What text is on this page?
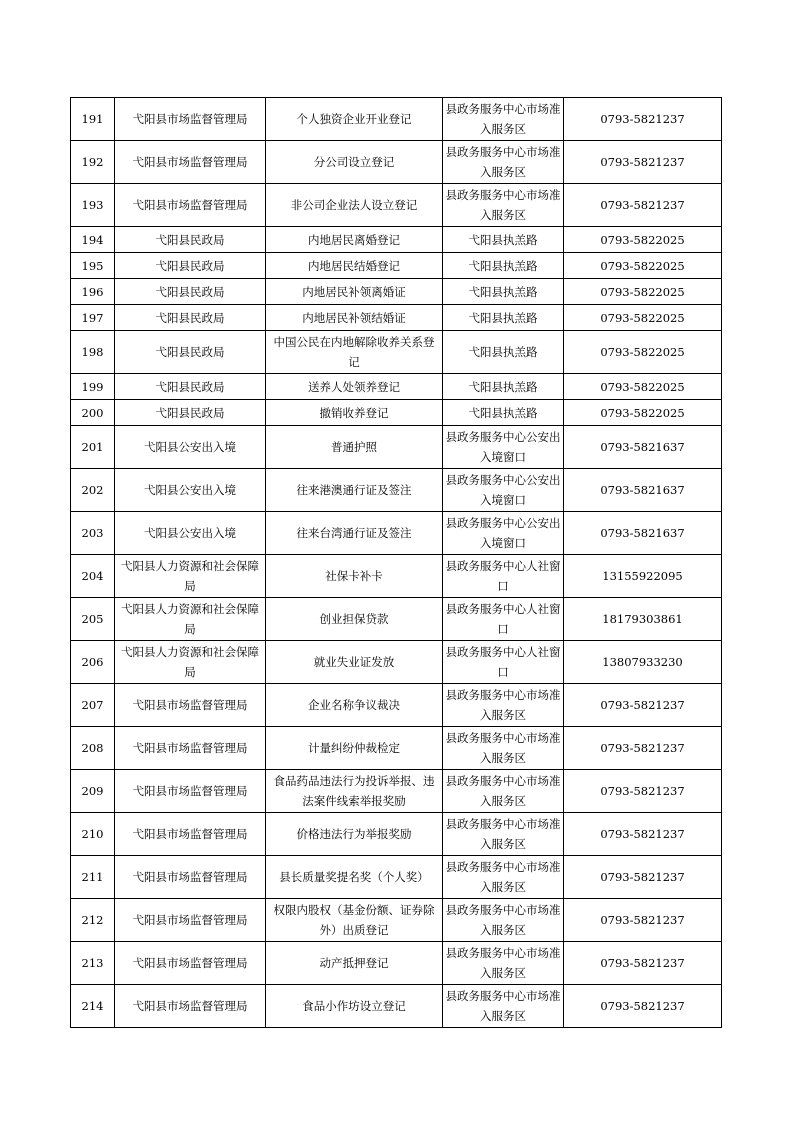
191	弋阳县市场监督管理局	个人独资企业开业登记	县政务服务中心市场准入服务区	0793-5821237
192	弋阳县市场监督管理局	分公司设立登记	县政务服务中心市场准入服务区	0793-5821237
193	弋阳县市场监督管理局	非公司企业法人设立登记	县政务服务中心市场准入服务区	0793-5821237
194	弋阳县民政局	内地居民离婚登记	弋阳县执羔路	0793-5822025
195	弋阳县民政局	内地居民结婚登记	弋阳县执羔路	0793-5822025
196	弋阳县民政局	内地居民补领离婚证	弋阳县执羔路	0793-5822025
197	弋阳县民政局	内地居民补领结婚证	弋阳县执羔路	0793-5822025
198	弋阳县民政局	中国公民在内地解除收养关系登记	弋阳县执羔路	0793-5822025
199	弋阳县民政局	送养人处领养登记	弋阳县执羔路	0793-5822025
200	弋阳县民政局	撤销收养登记	弋阳县执羔路	0793-5822025
201	弋阳县公安出入境	普通护照	县政务服务中心公安出入境窗口	0793-5821637
202	弋阳县公安出入境	往来港澳通行证及签注	县政务服务中心公安出入境窗口	0793-5821637
203	弋阳县公安出入境	往来台湾通行证及签注	县政务服务中心公安出入境窗口	0793-5821637
204	弋阳县人力资源和社会保障局	社保卡补卡	县政务服务中心人社窗口	13155922095
205	弋阳县人力资源和社会保障局	创业担保贷款	县政务服务中心人社窗口	18179303861
206	弋阳县人力资源和社会保障局	就业失业证发放	县政务服务中心人社窗口	13807933230
207	弋阳县市场监督管理局	企业名称争议裁决	县政务服务中心市场准入服务区	0793-5821237
208	弋阳县市场监督管理局	计量纠纷仲裁检定	县政务服务中心市场准入服务区	0793-5821237
209	弋阳县市场监督管理局	食品药品违法行为投诉举报、违法案件线索举报奖励	县政务服务中心市场准入服务区	0793-5821237
210	弋阳县市场监督管理局	价格违法行为举报奖励	县政务服务中心市场准入服务区	0793-5821237
211	弋阳县市场监督管理局	县长质量奖提名奖（个人奖）	县政务服务中心市场准入服务区	0793-5821237
212	弋阳县市场监督管理局	权限内股权（基金份额、证券除外）出质登记	县政务服务中心市场准入服务区	0793-5821237
213	弋阳县市场监督管理局	动产抵押登记	县政务服务中心市场准入服务区	0793-5821237
214	弋阳县市场监督管理局	食品小作坊设立登记	县政务服务中心市场准入服务区	0793-5821237
